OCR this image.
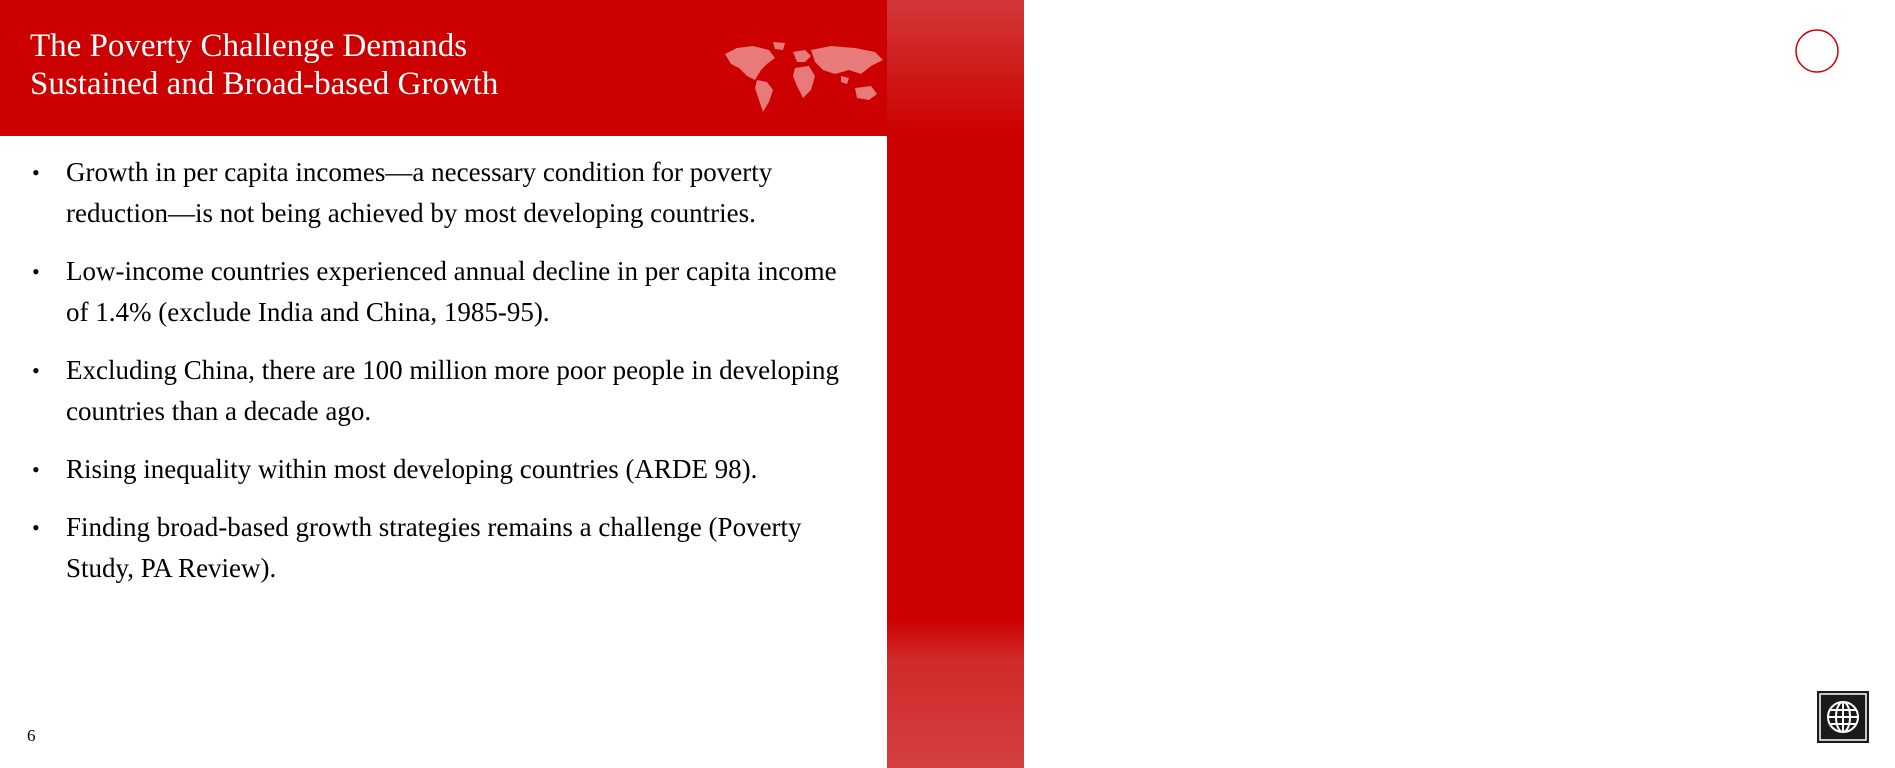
The Poverty Challenge Demands
Sustained and Broad-based Growth	OED
• Growth in per capita incomes—a necessary condition for poverty reduction—is not being achieved by most developing countries.
• Low-income countries experienced annual decline in per capita income of 1.4% (exclude India and China, 1985-95).
• Excluding China, there are 100 million more poor people in developing countries than a decade ago.
• Rising inequality within most developing countries (ARDE 98).
• Finding broad-based growth strategies remains a challenge (Poverty Study, PA Review).
6
